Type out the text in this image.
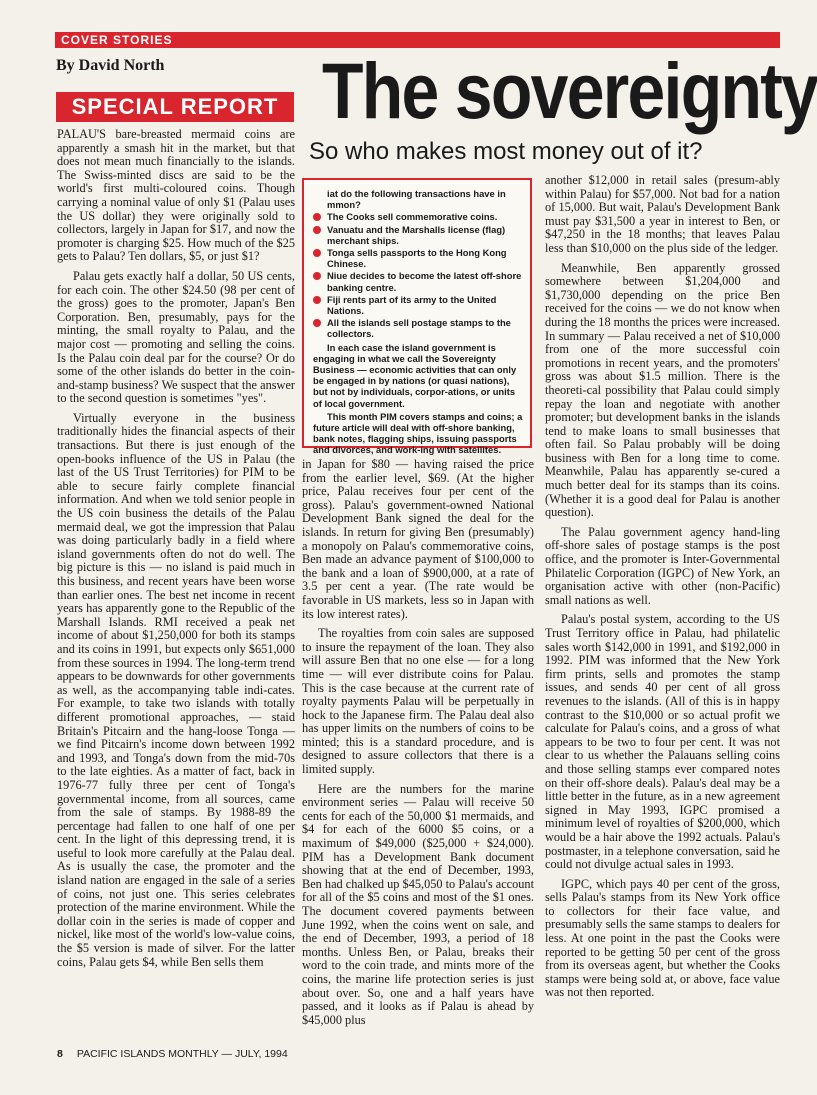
COVER STORIES
By David North
SPECIAL REPORT The sovereignty
So who makes most money out of it?

PALAU'S bare-breasted mermaid coins are apparently a smash hit in the market, but that does not mean much financially to the islands. The Swiss-minted discs are said to be the world's first multi-coloured coins. Though carrying a nominal value of only $1 (Palau uses the US dollar) they were originally sold to collectors, largely in Japan for $17, and now the promoter is charging $25. How much of the $25 gets to Palau? Ten dollars, $5, or just $1?

Palau gets exactly half a dollar, 50 US cents, for each coin. The other $24.50 (98 per cent of the gross) goes to the promoter, Japan's Ben Corporation. Ben, presumably, pays for the minting, the small royalty to Palau, and the major cost — promoting and selling the coins. Is the Palau coin deal par for the course? Or do some of the other islands do better in the coin-and-stamp business? We suspect that the answer to the second question is sometimes "yes".

Virtually everyone in the business traditionally hides the financial aspects of their transactions. But there is just enough of the open-books influence of the US in Palau (the last of the US Trust Territories) for PIM to be able to secure fairly complete financial information. And when we told senior people in the US coin business the details of the Palau mermaid deal, we got the impression that Palau was doing particularly badly in a field where island governments often do not do well. The big picture is this — no island is paid much in this business, and recent years have been worse than earlier ones. The best net income in recent years has apparently gone to the Republic of the Marshall Islands. RMI received a peak net income of about $1,250,000 for both its stamps and its coins in 1991, but expects only $651,000 from these sources in 1994. The long-term trend appears to be downwards for other governments as well, as the accompanying table indi-cates. For example, to take two islands with totally different promotional approaches, — staid Britain's Pitcairn and the hang-loose Tonga — we find Pitcairn's income down between 1992 and 1993, and Tonga's down from the mid-70s to the late eighties. As a matter of fact, back in 1976-77 fully three per cent of Tonga's governmental income, from all sources, came from the sale of stamps. By 1988-89 the percentage had fallen to one half of one per cent. In the light of this depressing trend, it is useful to look more carefully at the Palau deal. As is usually the case, the promoter and the island nation are engaged in the sale of a series of coins, not just one. This series celebrates protection of the marine environment. While the dollar coin in the series is made of copper and nickel, like most of the world's low-value coins, the $5 version is made of silver. For the latter coins, Palau gets $4, while Ben sells them

iat do the following transactions have in mmon?

The Cooks sell commemorative coins.
Vanuatu and the Marshalls license (flag) merchant ships.
Tonga sells passports to the Hong Kong Chinese.
Niue decides to become the latest off-shore banking centre.
Fiji rents part of its army to the United Nations.
All the islands sell postage stamps to the collectors.

In each case the island government is engaging in what we call the Sovereignty Business — economic activities that can only be engaged in by nations (or quasi nations), but not by individuals, corpor-ations, or units of local government.

This month PIM covers stamps and coins; a future article will deal with off-shore banking, bank notes, flagging ships, issuing passports and divorces, and work-ing with satellites.

in Japan for $80 — having raised the price from the earlier level, $69. (At the higher price, Palau receives four per cent of the gross). Palau's government-owned National Development Bank signed the deal for the islands. In return for giving Ben (presumably) a monopoly on Palau's commemorative coins, Ben made an advance payment of $100,000 to the bank and a loan of $900,000, at a rate of 3.5 per cent a year. (The rate would be favorable in US markets, less so in Japan with its low interest rates).

The royalties from coin sales are supposed to insure the repayment of the loan. They also will assure Ben that no one else — for a long time — will ever distribute coins for Palau. This is the case because at the current rate of royalty payments Palau will be perpetually in hock to the Japanese firm. The Palau deal also has upper limits on the numbers of coins to be minted; this is a standard procedure, and is designed to assure collectors that there is a limited supply.

Here are the numbers for the marine environment series — Palau will receive 50 cents for each of the 50,000 $1 mermaids, and $4 for each of the 6000 $5 coins, or a maximum of $49,000 ($25,000 + $24,000). PIM has a Development Bank document showing that at the end of December, 1993, Ben had chalked up $45,050 to Palau's account for all of the $5 coins and most of the $1 ones. The document covered payments between June 1992, when the coins went on sale, and the end of December, 1993, a period of 18 months. Unless Ben, or Palau, breaks their word to the coin trade, and mints more of the coins, the marine life protection series is just about over. So, one and a half years have passed, and it looks as if Palau is ahead by $45,000 plus

another $12,000 in retail sales (presum-ably within Palau) for $57,000. Not bad for a nation of 15,000. But wait, Palau's Development Bank must pay $31,500 a year in interest to Ben, or $47,250 in the 18 months; that leaves Palau less than $10,000 on the plus side of the ledger.

Meanwhile, Ben apparently grossed somewhere between $1,204,000 and $1,730,000 depending on the price Ben received for the coins — we do not know when during the 18 months the prices were increased. In summary — Palau received a net of $10,000 from one of the more successful coin promotions in recent years, and the promoters' gross was about $1.5 million. There is the theoreti-cal possibility that Palau could simply repay the loan and negotiate with another promoter; but development banks in the islands tend to make loans to small businesses that often fail. So Palau probably will be doing business with Ben for a long time to come. Meanwhile, Palau has apparently se-cured a much better deal for its stamps than its coins. (Whether it is a good deal for Palau is another question).

The Palau government agency hand-ling off-shore sales of postage stamps is the post office, and the promoter is Inter-Governmental Philatelic Corporation (IGPC) of New York, an organisation active with other (non-Pacific) small nations as well.

Palau's postal system, according to the US Trust Territory office in Palau, had philatelic sales worth $142,000 in 1991, and $192,000 in 1992. PIM was informed that the New York firm prints, sells and promotes the stamp issues, and sends 40 per cent of all gross revenues to the islands. (All of this is in happy contrast to the $10,000 or so actual profit we calculate for Palau's coins, and a gross of what appears to be two to four per cent. It was not clear to us whether the Palauans selling coins and those selling stamps ever compared notes on their off-shore deals). Palau's deal may be a little better in the future, as in a new agreement signed in May 1993, IGPC promised a minimum level of royalties of $200,000, which would be a hair above the 1992 actuals. Palau's postmaster, in a telephone conversation, said he could not divulge actual sales in 1993.

IGPC, which pays 40 per cent of the gross, sells Palau's stamps from its New York office to collectors for their face value, and presumably sells the same stamps to dealers for less. At one point in the past the Cooks were reported to be getting 50 per cent of the gross from its overseas agent, but whether the Cooks stamps were being sold at, or above, face value was not then reported.

8 PACIFIC ISLANDS MONTHLY — JULY, 1994
